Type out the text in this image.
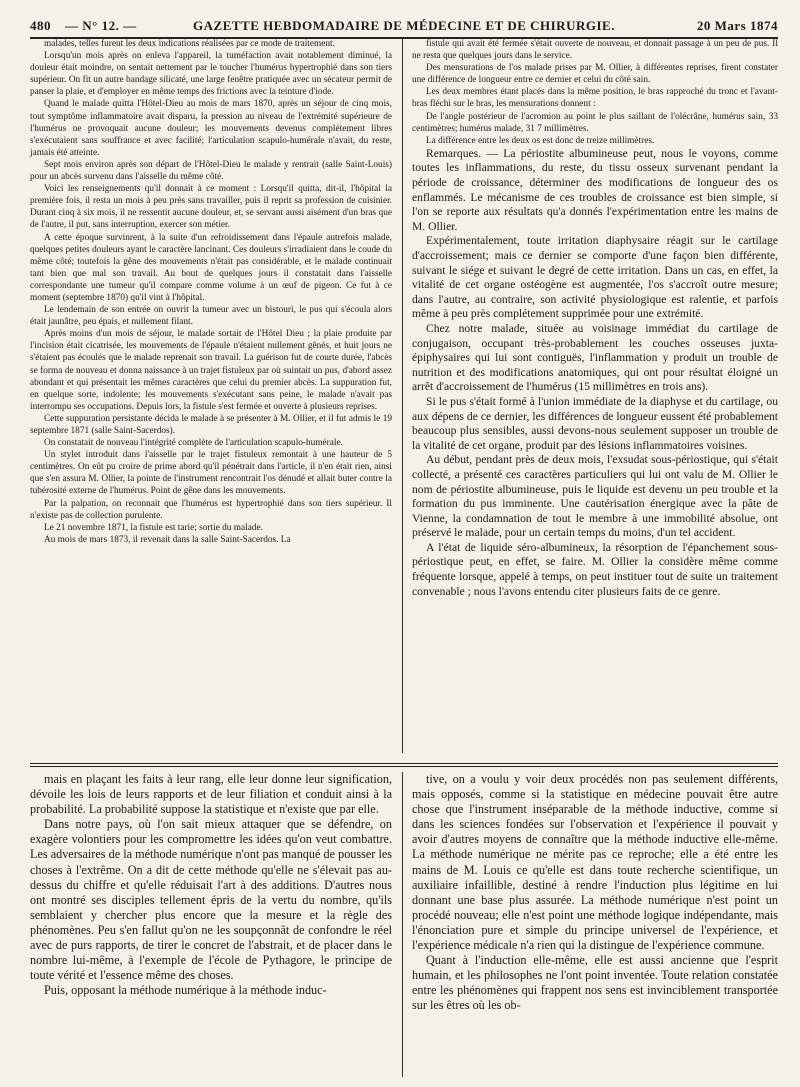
480 — N° 12. —	GAZETTE HEBDOMADAIRE DE MÉDECINE ET DE CHIRURGIE.	20 Mars 1874

malades, telles furent les deux indications réalisées par ce mode de traitement.

Lorsqu'un mois après on enleva l'appareil, la tuméfaction avait notablement diminué, la douleur était moindre, on sentait nettement par le toucher l'humérus hypertrophié dans son tiers supérieur. On fit un autre bandage silicaté, une large fenêtre pratiquée avec un sécateur permit de panser la plaie, et d'employer en même temps des frictions avec la teinture d'iode.

Quand le malade quitta l'Hôtel-Dieu au mois de mars 1870, après un séjour de cinq mois, tout symptôme inflammatoire avait disparu, la pression au niveau de l'extrémité supérieure de l'humérus ne provoquait aucune douleur; les mouvements devenus complétement libres s'exécutaient sans souffrance et avec facilité; l'articulation scapulo-humérale n'avait, du reste, jamais été atteinte.

Sept mois environ après son départ de l'Hôtel-Dieu le malade y rentrait (salle Saint-Louis) pour un abcès survenu dans l'aisselle du même côté.

Voici les renseignements qu'il donnait à ce moment : Lorsqu'il quitta, dit-il, l'hôpital la première fois, il resta un mois à peu près sans travailler, puis il reprit sa profession de cuisinier. Durant cinq à six mois, il ne ressentit aucune douleur, et, se servant aussi aisément d'un bras que de l'autre, il put, sans interruption, exercer son métier.

A cette époque survinrent, à la suite d'un refroidissement dans l'épaule autrefois malade, quelques petites douleurs ayant le caractère lancinant. Ces douleurs s'irradiaient dans le coude du même côté; toutefois la gêne des mouvements n'était pas considérable, et le malade continuait tant bien que mal son travail. Au bout de quelques jours il constatait dans l'aisselle correspondante une tumeur qu'il compare comme volume à un œuf de pigeon. Ce fut à ce moment (septembre 1870) qu'il vint à l'hôpital.

Le lendemain de son entrée on ouvrit la tumeur avec un bistouri, le pus qui s'écoula alors était jaunâtre, peu épais, et nullement filant.

Après moins d'un mois de séjour, le malade sortait de l'Hôtel Dieu ; la plaie produite par l'incision était cicatrisée, les mouvements de l'épaule n'étaient nullement gênés, et huit jours ne s'étaient pas écoulés que le malade reprenait son travail. La guérison fut de courte durée, l'abcès se forma de nouveau et donna naissance à un trajet fistuleux par où suintait un pus, d'abord assez abondant et qui présentait les mêmes caractères que celui du premier abcès. La suppuration fut, en quelque sorte, indolente; les mouvements s'exécutant sans peine, le malade n'avait pas interrompu ses occupations. Depuis lors, la fistule s'est fermée et ouverte à plusieurs reprises.

Cette suppuration persistante décida le malade à se présenter à M. Ollier, et il fut admis le 19 septembre 1871 (salle Saint-Sacerdos).

On constatait de nouveau l'intégrité complète de l'articulation scapulo-humérale.

Un stylet introduit dans l'aisselle par le trajet fistuleux remontait à une hauteur de 5 centimètres. On eût pu croire de prime abord qu'il pénétrait dans l'article, il n'en était rien, ainsi que s'en assura M. Ollier, la pointe de l'instrument rencontrait l'os dénudé et allait buter contre la tubérosité externe de l'humérus. Point de gêne dans les mouvements.

Par la palpation, on reconnait que l'humérus est hypertrophié dans son tiers supérieur. Il n'existe pas de collection purulente.

Le 21 novembre 1871, la fistule est tarie; sortie du malade.

Au mois de mars 1873, il revenait dans la salle Saint-Sacerdos. La

fistule qui avait été fermée s'était ouverte de nouveau, et donnait passage à un peu de pus. Il ne resta que quelques jours dans le service.

Des mensurations de l'os malade prises par M. Ollier, à différentes reprises, firent constater une différence de longueur entre ce dernier et celui du côté sain.

Les deux membres étant placés dans la même position, le bras rapproché du tronc et l'avant-bras fléchi sur le bras, les mensurations donnent :

De l'angle postérieur de l'acromion au point le plus saillant de l'olécrâne, humérus sain, 33 centimètres; humérus malade, 31 7 millimètres.

La différence entre les deux os est donc de treize millimètres.

Remarques. — La périostite albumineuse peut, nous le voyons, comme toutes les inflammations, du reste, du tissu osseux survenant pendant la période de croissance, déterminer des modifications de longueur des os enflammés. Le mécanisme de ces troubles de croissance est bien simple, si l'on se reporte aux résultats qu'a donnés l'expérimentation entre les mains de M. Ollier.

Expérimentalement, toute irritation diaphysaire réagit sur le cartilage d'accroissement; mais ce dernier se comporte d'une façon bien différente, suivant le siége et suivant le degré de cette irritation. Dans un cas, en effet, la vitalité de cet organe ostéogène est augmentée, l'os s'accroît outre mesure; dans l'autre, au contraire, son activité physiologique est ralentie, et parfois même à peu près complétement supprimée pour une extrémité.

Chez notre malade, située au voisinage immédiat du cartilage de conjugaison, occupant très-probablement les couches osseuses juxta-épiphysaires qui lui sont contiguës, l'inflammation y produit un trouble de nutrition et des modifications anatomiques, qui ont pour résultat éloigné un arrêt d'accroissement de l'humérus (15 millimètres en trois ans).

Si le pus s'était formé à l'union immédiate de la diaphyse et du cartilage, ou aux dépens de ce dernier, les différences de longueur eussent été probablement beaucoup plus sensibles, aussi devons-nous seulement supposer un trouble de la vitalité de cet organe, produit par des lésions inflammatoires voisines.

Au début, pendant près de deux mois, l'exsudat sous-périostique, qui s'était collecté, a présenté ces caractères particuliers qui lui ont valu de M. Ollier le nom de périostite albumineuse, puis le liquide est devenu un peu trouble et la formation du pus imminente. Une cautérisation énergique avec la pâte de Vienne, la condamnation de tout le membre à une immobilité absolue, ont préservé le malade, pour un certain temps du moins, d'un tel accident.

A l'état de liquide séro-albumineux, la résorption de l'épanchement sous-périostique peut, en effet, se faire. M. Ollier la considère même comme fréquente lorsque, appelé à temps, on peut instituer tout de suite un traitement convenable ; nous l'avons entendu citer plusieurs faits de ce genre.

mais en plaçant les faits à leur rang, elle leur donne leur signification, dévoile les lois de leurs rapports et de leur filiation et conduit ainsi à la probabilité. La probabilité suppose la statistique et n'existe que par elle.

Dans notre pays, où l'on sait mieux attaquer que se défendre, on exagère volontiers pour les compromettre les idées qu'on veut combattre. Les adversaires de la méthode numérique n'ont pas manqué de pousser les choses à l'extrême. On a dit de cette méthode qu'elle ne s'élevait pas au-dessus du chiffre et qu'elle réduisait l'art à des additions. D'autres nous ont montré ses disciples tellement épris de la vertu du nombre, qu'ils semblaient y chercher plus encore que la mesure et la règle des phénomènes. Peu s'en fallut qu'on ne les soupçonnât de confondre le réel avec de purs rapports, de tirer le concret de l'abstrait, et de placer dans le nombre lui-même, à l'exemple de l'école de Pythagore, le principe de toute vérité et l'essence même des choses.

Puis, opposant la méthode numérique à la méthode induc-

tive, on a voulu y voir deux procédés non pas seulement différents, mais opposés, comme si la statistique en médecine pouvait être autre chose que l'instrument inséparable de la méthode inductive, comme si dans les sciences fondées sur l'observation et l'expérience il pouvait y avoir d'autres moyens de connaître que la méthode inductive elle-même. La méthode numérique ne mérite pas ce reproche; elle a été entre les mains de M. Louis ce qu'elle est dans toute recherche scientifique, un auxiliaire infaillible, destiné à rendre l'induction plus légitime en lui donnant une base plus assurée. La méthode numérique n'est point un procédé nouveau; elle n'est point une méthode logique indépendante, mais l'énonciation pure et simple du principe universel de l'expérience, et l'expérience médicale n'a rien qui la distingue de l'expérience commune.

Quant à l'induction elle-même, elle est aussi ancienne que l'esprit humain, et les philosophes ne l'ont point inventée. Toute relation constatée entre les phénomènes qui frappent nos sens est invinciblement transportée sur les êtres où les ob-
